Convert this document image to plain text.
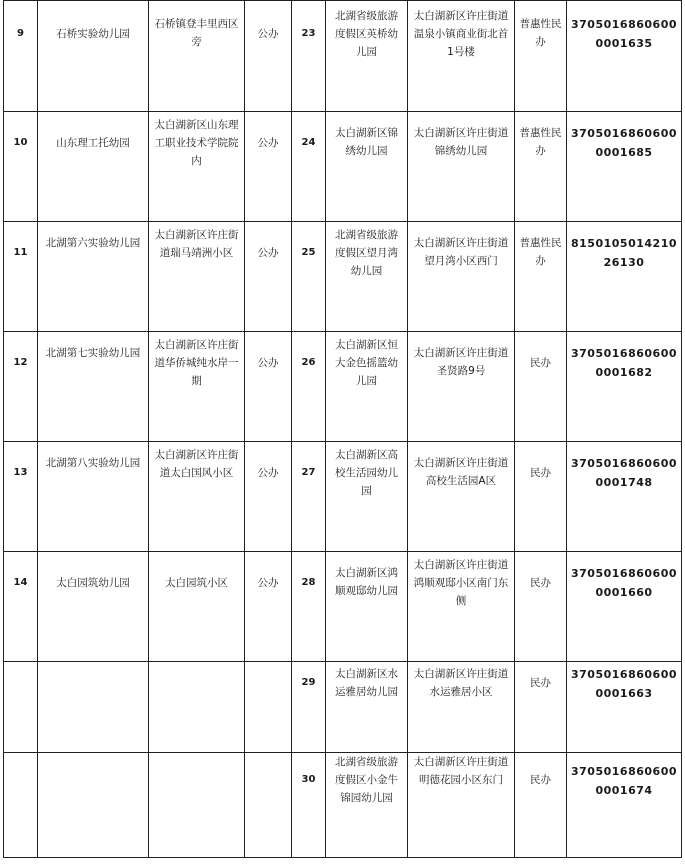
9	石桥实验幼儿园	石桥镇登丰里西区旁	公办	23	北湖省级旅游度假区英桥幼儿园	太白湖新区许庄街道温泉小镇商业街北首1号楼	普惠性民办	37050168606000001635
10	山东理工托幼园	太白湖新区山东理工职业技术学院院内	公办	24	太白湖新区锦绣幼儿园	太白湖新区许庄街道锦绣幼儿园	普惠性民办	37050168606000001685
11	北湖第六实验幼儿园	太白湖新区许庄街道瑞马靖洲小区	公办	25	北湖省级旅游度假区望月湾幼儿园	太白湖新区许庄街道望月湾小区西门	普惠性民办	815010501421026130
12	北湖第七实验幼儿园	太白湖新区许庄街道华侨城纯水岸一期	公办	26	太白湖新区恒大金色摇篮幼儿园	太白湖新区许庄街道圣贤路9号	民办	37050168606000001682
13	北湖第八实验幼儿园	太白湖新区许庄街道太白国风小区	公办	27	太白湖新区高校生活园幼儿园	太白湖新区许庄街道高校生活园A区	民办	37050168606000001748
14	太白园筑幼儿园	太白园筑小区	公办	28	太白湖新区鸿顺观邸幼儿园	太白湖新区许庄街道鸿顺观邸小区南门东侧	民办	37050168606000001660
				29	太白湖新区水运雅居幼儿园	太白湖新区许庄街道水运雅居小区	民办	37050168606000001663
				30	北湖省级旅游度假区小金牛锦园幼儿园	太白湖新区许庄街道明德花园小区东门	民办	37050168606000001674
